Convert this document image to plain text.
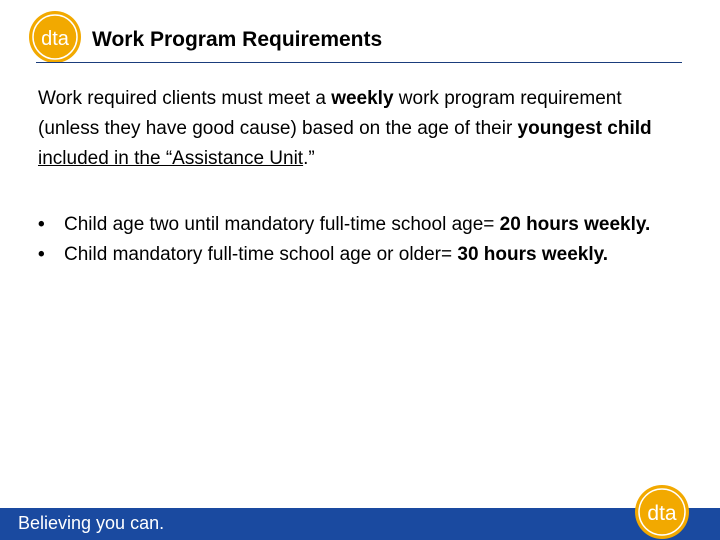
dta Work Program Requirements

Work required clients must meet a weekly work program requirement (unless they have good cause) based on the age of their youngest child included in the “Assistance Unit.”

• Child age two until mandatory full-time school age= 20 hours weekly.
• Child mandatory full-time school age or older= 30 hours weekly.
Believing you can.	dta
